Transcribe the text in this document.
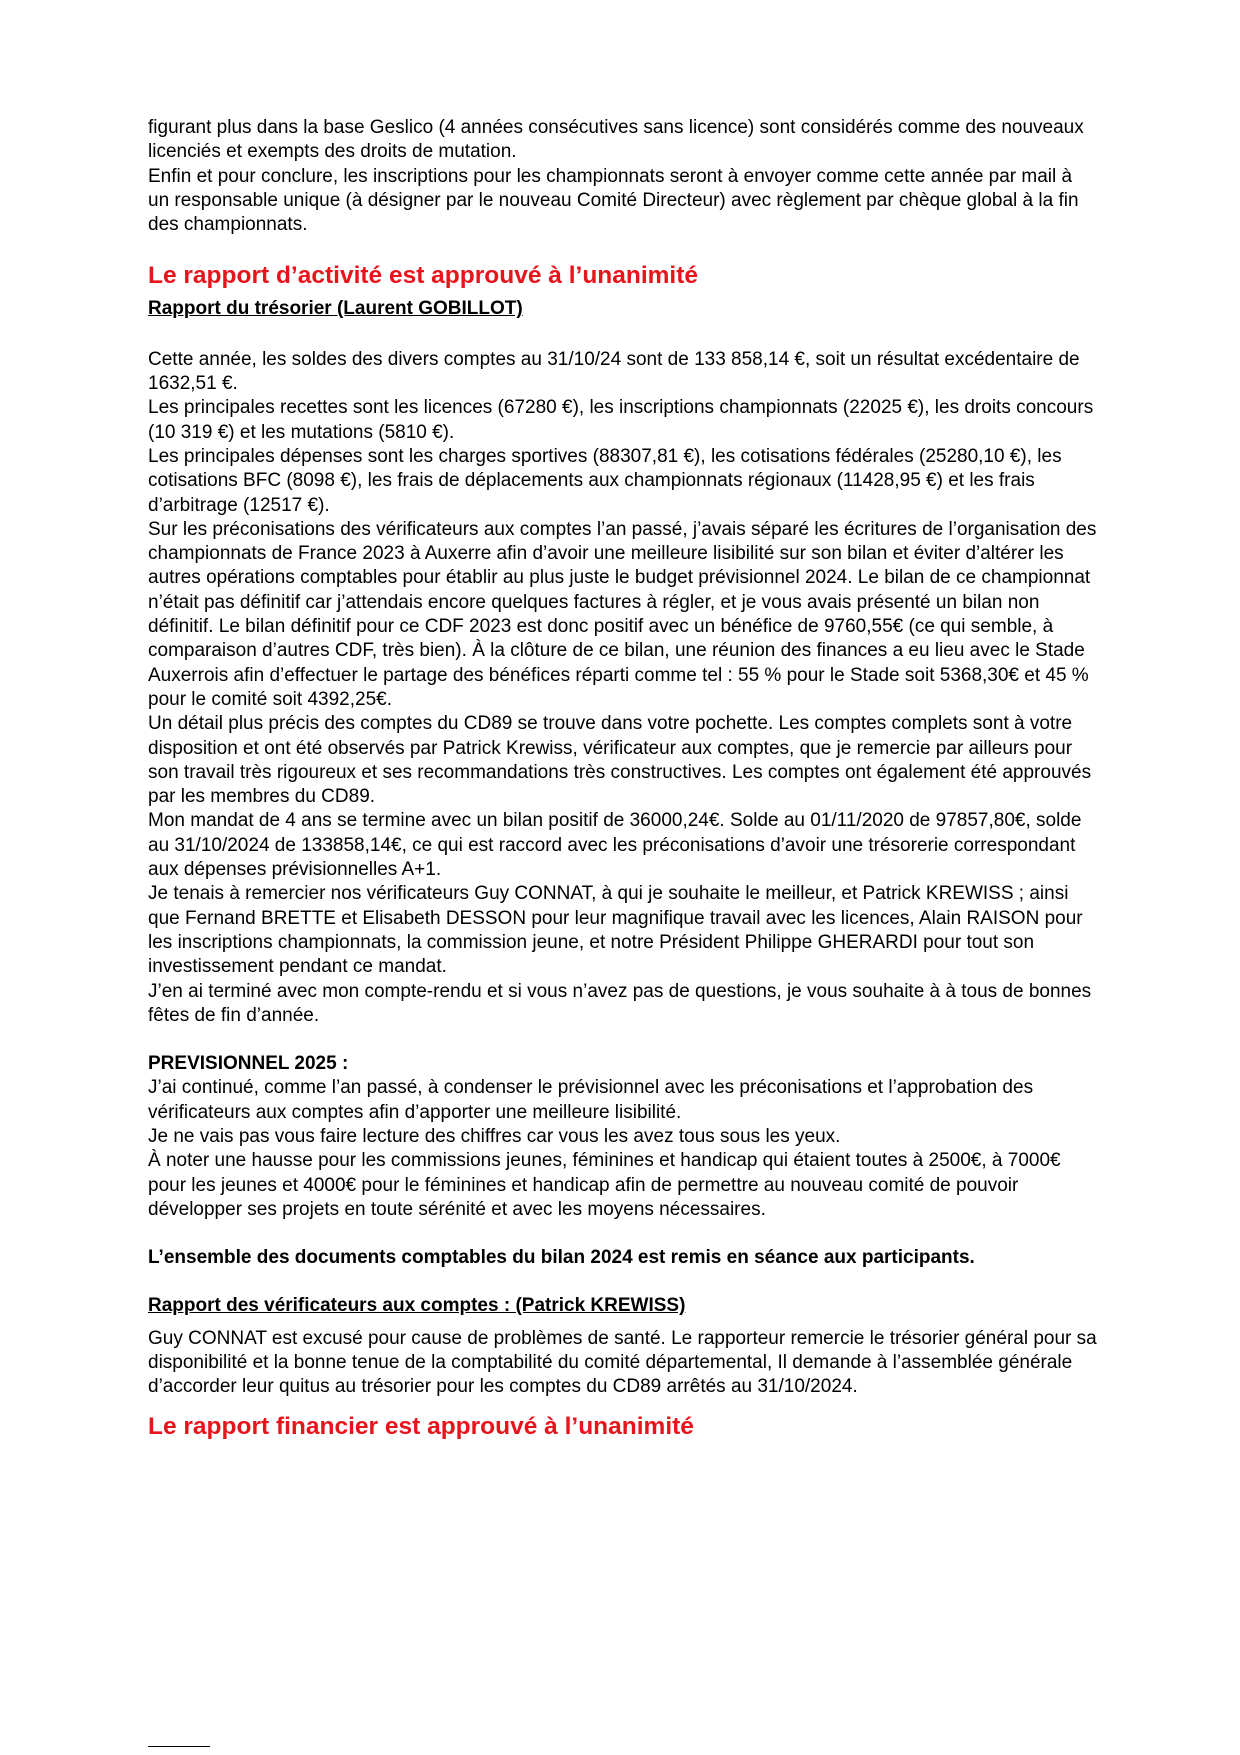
figurant plus dans la base Geslico (4 années consécutives sans licence) sont considérés comme des nouveaux licenciés et exempts des droits de mutation.

Enfin et pour conclure, les inscriptions pour les championnats seront à envoyer comme cette année par mail à un responsable unique (à désigner par le nouveau Comité Directeur) avec règlement par chèque global à la fin des championnats.

Le rapport d’activité est approuvé à l’unanimité

Rapport du trésorier (Laurent GOBILLOT)

Cette année, les soldes des divers comptes au 31/10/24 sont de 133 858,14 €, soit un résultat excédentaire de 1632,51 €.

Les principales recettes sont les licences (67280 €), les inscriptions championnats (22025 €), les droits concours (10 319 €) et les mutations (5810 €).

Les principales dépenses sont les charges sportives (88307,81 €), les cotisations fédérales (25280,10 €), les cotisations BFC (8098 €), les frais de déplacements aux championnats régionaux (11428,95 €) et les frais d’arbitrage (12517 €).

Sur les préconisations des vérificateurs aux comptes l’an passé, j’avais séparé les écritures de l’organisation des championnats de France 2023 à Auxerre afin d’avoir une meilleure lisibilité sur son bilan et éviter d’altérer les autres opérations comptables pour établir au plus juste le budget prévisionnel 2024. Le bilan de ce championnat n’était pas définitif car j’attendais encore quelques factures à régler, et je vous avais présenté un bilan non définitif. Le bilan définitif pour ce CDF 2023 est donc positif avec un bénéfice de 9760,55€ (ce qui semble, à comparaison d’autres CDF, très bien). À la clôture de ce bilan, une réunion des finances a eu lieu avec le Stade Auxerrois afin d’effectuer le partage des bénéfices réparti comme tel : 55 % pour le Stade soit 5368,30€ et 45 % pour le comité soit 4392,25€.

Un détail plus précis des comptes du CD89 se trouve dans votre pochette. Les comptes complets sont à votre disposition et ont été observés par Patrick Krewiss, vérificateur aux comptes, que je remercie par ailleurs pour son travail très rigoureux et ses recommandations très constructives. Les comptes ont également été approuvés par les membres du CD89.

Mon mandat de 4 ans se termine avec un bilan positif de 36000,24€. Solde au 01/11/2020 de 97857,80€, solde au 31/10/2024 de 133858,14€, ce qui est raccord avec les préconisations d’avoir une trésorerie correspondant aux dépenses prévisionnelles A+1.

Je tenais à remercier nos vérificateurs Guy CONNAT, à qui je souhaite le meilleur, et Patrick KREWISS ; ainsi que Fernand BRETTE et Elisabeth DESSON pour leur magnifique travail avec les licences, Alain RAISON pour les inscriptions championnats, la commission jeune, et notre Président Philippe GHERARDI pour tout son investissement pendant ce mandat.

J’en ai terminé avec mon compte-rendu et si vous n’avez pas de questions, je vous souhaite à à tous de bonnes fêtes de fin d’année.

PREVISIONNEL 2025 :

J’ai continué, comme l’an passé, à condenser le prévisionnel avec les préconisations et l’approbation des vérificateurs aux comptes afin d’apporter une meilleure lisibilité.

Je ne vais pas vous faire lecture des chiffres car vous les avez tous sous les yeux.

À noter une hausse pour les commissions jeunes, féminines et handicap qui étaient toutes à 2500€, à 7000€ pour les jeunes et 4000€ pour le féminines et handicap afin de permettre au nouveau comité de pouvoir développer ses projets en toute sérénité et avec les moyens nécessaires.

L’ensemble des documents comptables du bilan 2024 est remis en séance aux participants.

Rapport des vérificateurs aux comptes : (Patrick KREWISS)

Guy CONNAT est excusé pour cause de problèmes de santé. Le rapporteur remercie le trésorier général pour sa disponibilité et la bonne tenue de la comptabilité du comité départemental, Il demande à l’assemblée générale d’accorder leur quitus au trésorier pour les comptes du CD89 arrêtés au 31/10/2024.

Le rapport financier est approuvé à l’unanimité
